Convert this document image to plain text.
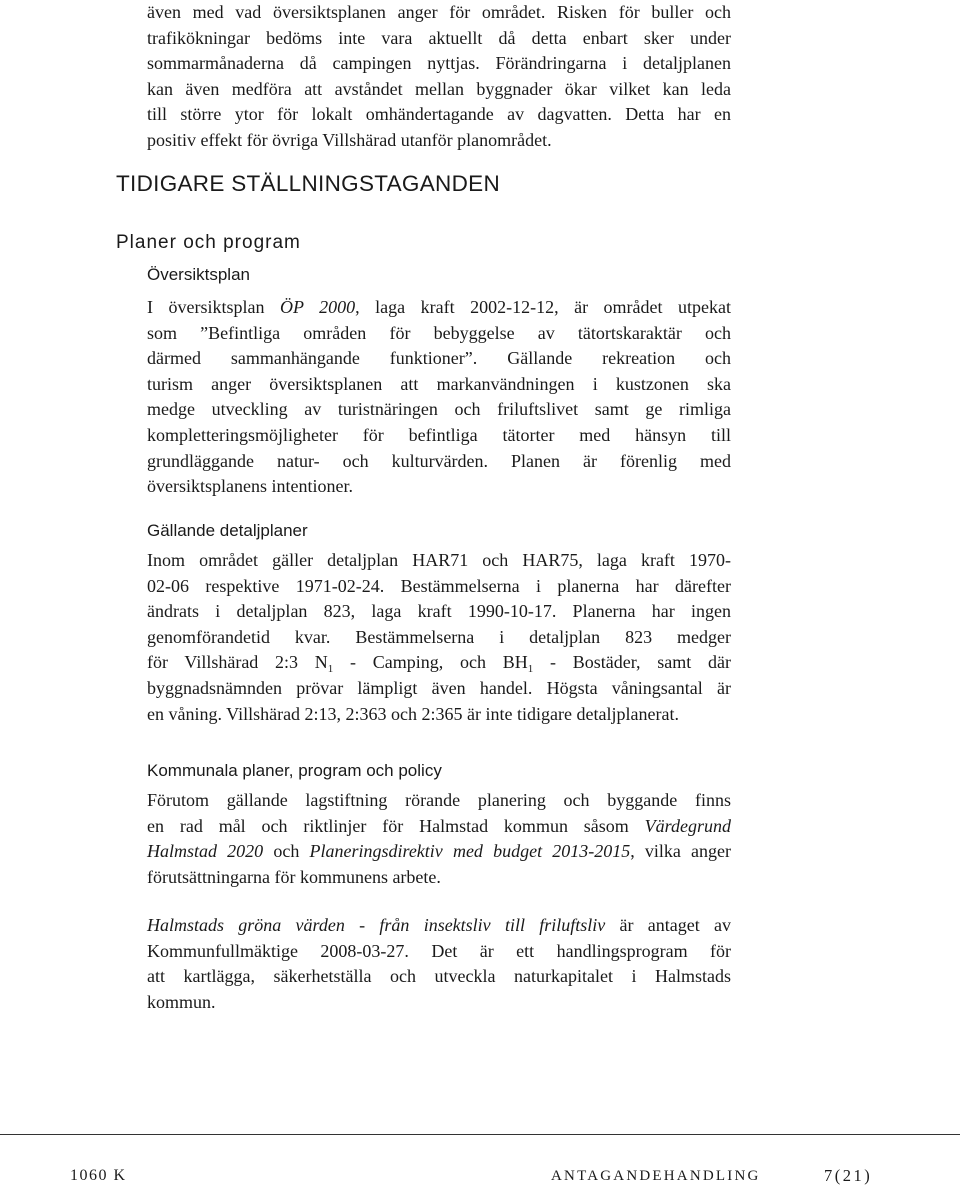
även med vad översiktsplanen anger för området. Risken för buller och
trafikökningar bedöms inte vara aktuellt då detta enbart sker under
sommarmånaderna då campingen nyttjas. Förändringarna i detaljplanen
kan även medföra att avståndet mellan byggnader ökar vilket kan leda
till större ytor för lokalt omhändertagande av dagvatten. Detta har en
positiv effekt för övriga Villshärad utanför planområdet.
TIDIGARE STÄLLNINGSTAGANDEN
Planer och program
Översiktsplan
I översiktsplan ÖP 2000, laga kraft 2002-12-12, är området utpekat
som ”Befintliga områden för bebyggelse av tätortskaraktär och
därmed sammanhängande funktioner”. Gällande rekreation och
turism anger översiktsplanen att markanvändningen i kustzonen ska
medge utveckling av turistnäringen och friluftslivet samt ge rimliga
kompletteringsmöjligheter för befintliga tätorter med hänsyn till
grundläggande natur- och kulturvärden. Planen är förenlig med
översiktsplanens intentioner.
Gällande detaljplaner
Inom området gäller detaljplan HAR71 och HAR75, laga kraft 1970-
02-06 respektive 1971-02-24. Bestämmelserna i planerna har därefter
ändrats i detaljplan 823, laga kraft 1990-10-17. Planerna har ingen
genomförandetid kvar. Bestämmelserna i detaljplan 823 medger
för Villshärad 2:3 $N_1$ - Camping, och $BH_1$ - Bostäder, samt där
byggnadsnämnden prövar lämpligt även handel. Högsta våningsantal är
en våning. Villshärad 2:13, 2:363 och 2:365 är inte tidigare detaljplanerat.
Kommunala planer, program och policy
Förutom gällande lagstiftning rörande planering och byggande finns
en rad mål och riktlinjer för Halmstad kommun såsom Värdegrund
Halmstad 2020 och Planeringsdirektiv med budget 2013-2015, vilka anger
förutsättningarna för kommunens arbete.
Halmstads gröna värden - från insektsliv till friluftsliv är antaget av
Kommunfullmäktige 2008-03-27. Det är ett handlingsprogram för
att kartlägga, säkerhetställa och utveckla naturkapitalet i Halmstads
kommun.
1060 K	ANTAGANDEHANDLING	7(21)
